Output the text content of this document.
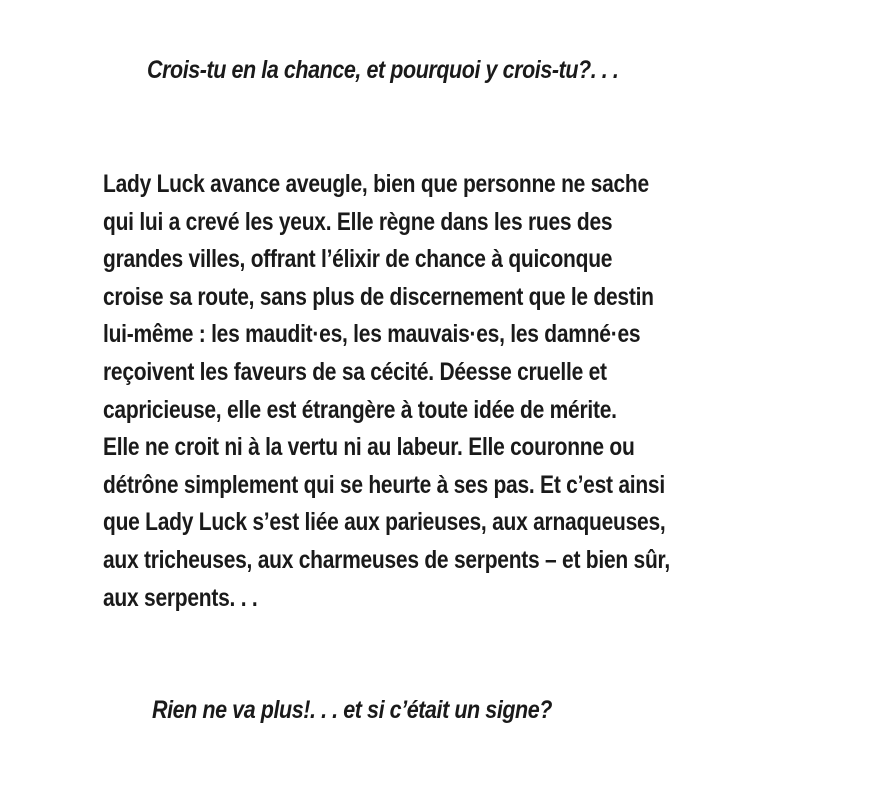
Crois-tu en la chance, et pourquoi y crois-tu?. . .
Lady Luck avance aveugle, bien que personne ne sache
qui lui a crevé les yeux. Elle règne dans les rues des
grandes villes, offrant l’élixir de chance à quiconque
croise sa route, sans plus de discernement que le destin
lui-même : les maudit·es, les mauvais·es, les damné·es
reçoivent les faveurs de sa cécité. Déesse cruelle et
capricieuse, elle est étrangère à toute idée de mérite.
Elle ne croit ni à la vertu ni au labeur. Elle couronne ou
détrône simplement qui se heurte à ses pas. Et c’est ainsi
que Lady Luck s’est liée aux parieuses, aux arnaqueuses,
aux tricheuses, aux charmeuses de serpents – et bien sûr,
aux serpents. . .
Rien ne va plus!. . . et si c’était un signe?
